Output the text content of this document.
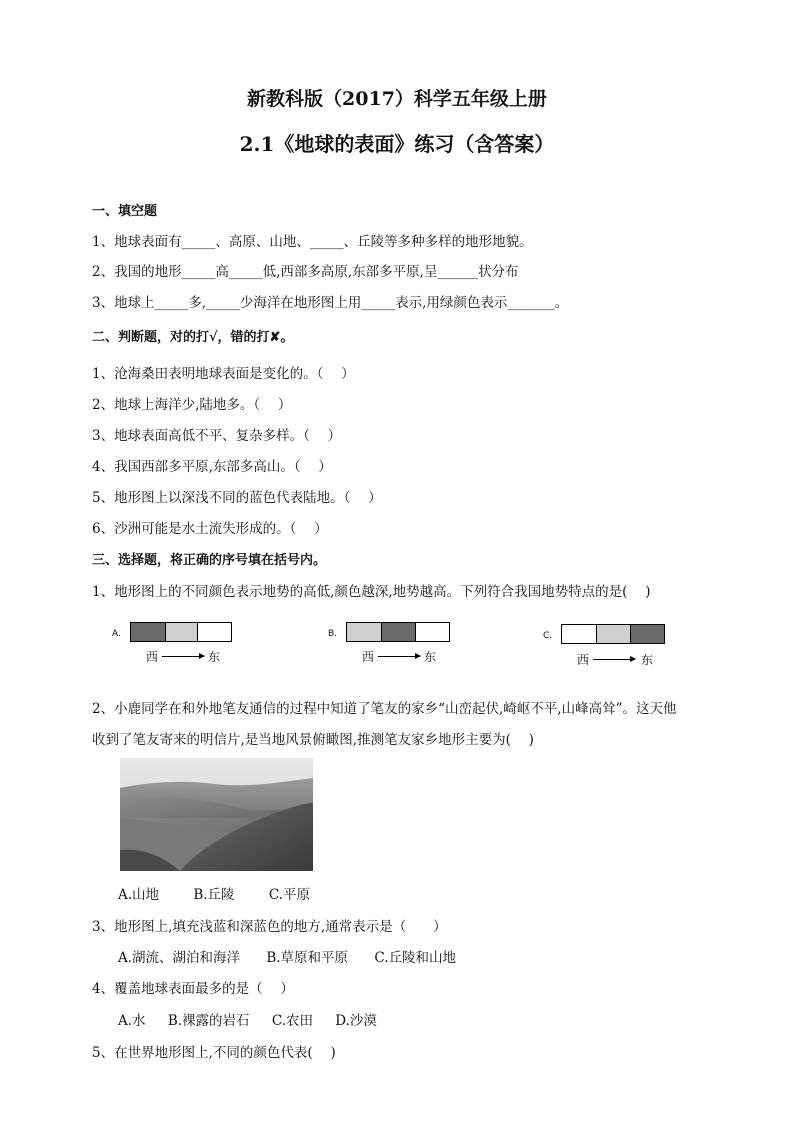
新教科版（2017）科学五年级上册
2.1《地球的表面》练习（含答案）
一、填空题
1、地球表面有_____、高原、山地、_____、丘陵等多种多样的地形地貌。
2、我国的地形_____高_____低,西部多高原,东部多平原,呈______状分布
3、地球上_____多,_____少海洋在地形图上用_____表示,用绿颜色表示_______。
二、判断题，对的打√，错的打✘。
1、沧海桑田表明地球表面是变化的。（　 ）
2、地球上海洋少,陆地多。（　 ）
3、地球表面高低不平、复杂多样。（　 ）
4、我国西部多平原,东部多高山。（　 ）
5、地形图上以深浅不同的蓝色代表陆地。（　 ）
6、沙洲可能是水土流失形成的。（　 ）
三、选择题，将正确的序号填在括号内。
1、地形图上的不同颜色表示地势的高低,颜色越深,地势越高。下列符合我国地势特点的是(　 )
A.
西	东
B.
西	东
C.
西	东
2、小鹿同学在和外地笔友通信的过程中知道了笔友的家乡“山峦起伏,崎岖不平,山峰高耸”。这天他
收到了笔友寄来的明信片,是当地风景俯瞰图,推测笔友家乡地形主要为(　 )
A.山地	B.丘陵	C.平原
3、地形图上,填充浅蓝和深蓝色的地方,通常表示是（　　）
A.湖流、湖泊和海洋 B.草原和平原 C.丘陵和山地
4、覆盖地球表面最多的是（　 ）
A.水 B.裸露的岩石 C.农田 D.沙漠
5、在世界地形图上,不同的颜色代表(　 )
